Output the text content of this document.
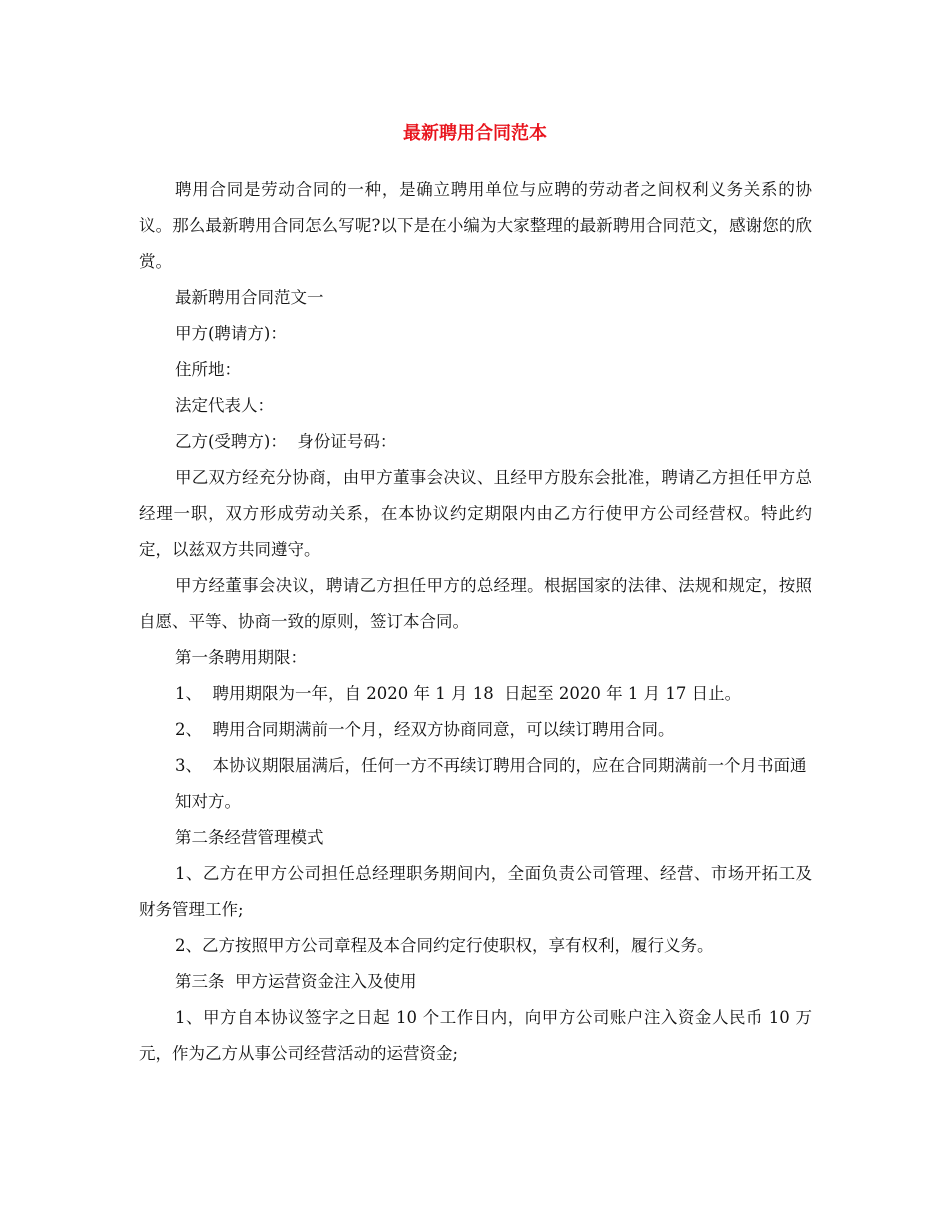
最新聘用合同范本

聘用合同是劳动合同的一种，是确立聘用单位与应聘的劳动者之间权利义务关系的协议。那么最新聘用合同怎么写呢?以下是在小编为大家整理的最新聘用合同范文，感谢您的欣赏。

最新聘用合同范文一

甲方(聘请方)：

住所地：

法定代表人：

乙方(受聘方)：  身份证号码：

甲乙双方经充分协商，由甲方董事会决议、且经甲方股东会批准，聘请乙方担任甲方总经理一职，双方形成劳动关系，在本协议约定期限内由乙方行使甲方公司经营权。特此约定，以兹双方共同遵守。

甲方经董事会决议，聘请乙方担任甲方的总经理。根据国家的法律、法规和规定，按照自愿、平等、协商一致的原则，签订本合同。

第一条聘用期限：

1、  聘用期限为一年，自 2020 年 1 月 18  日起至 2020 年 1 月 17 日止。

2、  聘用合同期满前一个月，经双方协商同意，可以续订聘用合同。

3、  本协议期限届满后，任何一方不再续订聘用合同的，应在合同期满前一个月书面通

知对方。

第二条经营管理模式

1、乙方在甲方公司担任总经理职务期间内，全面负责公司管理、经营、市场开拓工及财务管理工作;

2、乙方按照甲方公司章程及本合同约定行使职权，享有权利，履行义务。

第三条  甲方运营资金注入及使用

1、甲方自本协议签字之日起 10 个工作日内，向甲方公司账户注入资金人民币 10 万元，作为乙方从事公司经营活动的运营资金;
